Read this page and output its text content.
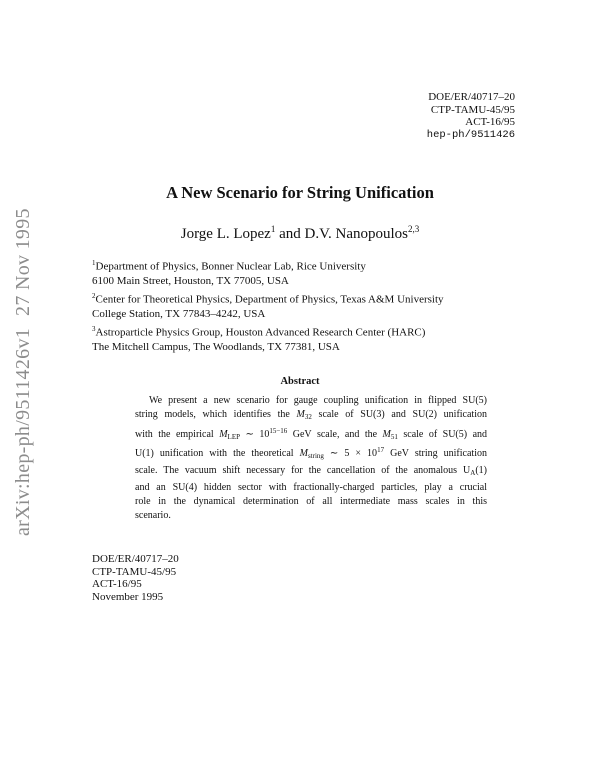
arXiv:hep-ph/9511426v127 Nov 1995
DOE/ER/40717–20
CTP-TAMU-45/95
ACT-16/95
hep-ph/9511426
A New Scenario for String Unification
Jorge L. Lopez$^1$ and D.V. Nanopoulos$^{2,3}$
$^1$Department of Physics, Bonner Nuclear Lab, Rice University
6100 Main Street, Houston, TX 77005, USA
$^2$Center for Theoretical Physics, Department of Physics, Texas A&M University
College Station, TX 77843–4242, USA
$^3$Astroparticle Physics Group, Houston Advanced Research Center (HARC)
The Mitchell Campus, The Woodlands, TX 77381, USA
Abstract
We present a new scenario for gauge coupling unification in flipped SU(5)
string models, which identifies the $M_{32}$ scale of SU(3) and SU(2) unification
with the empirical $M_{LEP}$ ∼ $10^{15-16}$ GeV scale, and the $M_{51}$ scale of SU(5) and
U(1) unification with the theoretical $M_{string}$ ∼ $5 \times 10^{17}$ GeV string unification
scale. The vacuum shift necessary for the cancellation of the anomalous $U_A(1)$
and an SU(4) hidden sector with fractionally-charged particles, play a crucial
role in the dynamical determination of all intermediate mass scales in this
scenario.
DOE/ER/40717–20
CTP-TAMU-45/95
ACT-16/95
November 1995
